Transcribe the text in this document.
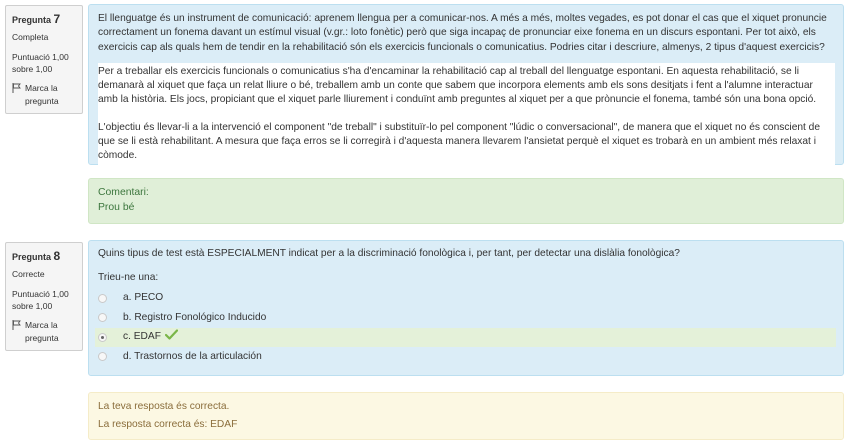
Pregunta 7
Completa
Puntuació 1,00
sobre 1,00
Marca la pregunta

El llenguatge és un instrument de comunicació: aprenem llengua per a comunicar-nos. A més a més, moltes vegades, es pot donar el cas que el xiquet pronuncie correctament un fonema davant un estímul visual (v.gr.: loto fonètic) però que siga incapaç de pronunciar eixe fonema en un discurs espontani. Per tot això, els exercicis cap als quals hem de tendir en la rehabilitació són els exercicis funcionals o comunicatius. Podries citar i descriure, almenys, 2 tipus d'aquest exercicis?

Per a treballar els exercicis funcionals o comunicatius s'ha d'encaminar la rehabilitació cap al treball del llenguatge espontani. En aquesta rehabilitació, se li demanarà al xiquet que faça un relat lliure o bé, treballem amb un conte que sabem que incorpora elements amb els sons desitjats i fent a l'alumne interactuar amb la història. Els jocs, propiciant que el xiquet parle lliurement i conduïnt amb preguntes al xiquet per a que prònuncie el fonema, també són una bona opció.

L'objectiu és llevar-li a la intervenció el component "de treball" i substituïr-lo pel component "lúdic o conversacional", de manera que el xiquet no és conscient de que se li està rehabilitant. A mesura que faça erros se li corregirà i d'aquesta manera llevarem l'ansietat perquè el xiquet es trobarà en un ambient més relaxat i còmode.

Comentari:
Prou bé
Pregunta 8
Correcte
Puntuació 1,00
sobre 1,00
Marca la pregunta

Quins tipus de test està ESPECIALMENT indicat per a la discriminació fonològica i, per tant, per detectar una dislàlia fonològica?

Trieu-ne una:
a. PECO
b. Registro Fonológico Inducido
c. EDAF
d. Trastornos de la articulación
La teva resposta és correcta.
La resposta correcta és: EDAF
